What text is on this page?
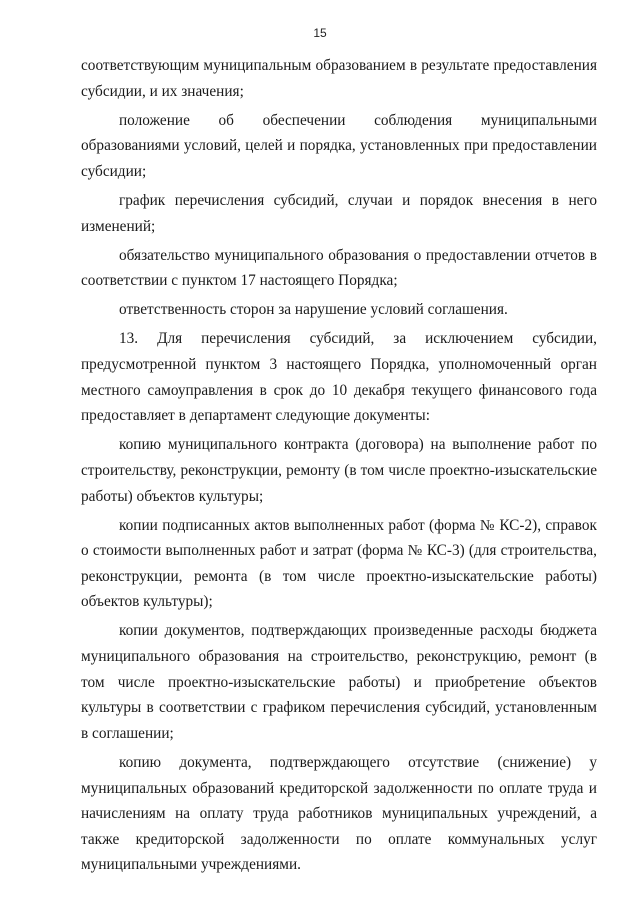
15

соответствующим муниципальным образованием в результате предоставления субсидии, и их значения;

положение об обеспечении соблюдения муниципальными образованиями условий, целей и порядка, установленных при предоставлении субсидии;

график перечисления субсидий, случаи и порядок внесения в него изменений;

обязательство муниципального образования о предоставлении отчетов в соответствии с пунктом 17 настоящего Порядка;

ответственность сторон за нарушение условий соглашения.

13. Для перечисления субсидий, за исключением субсидии, предусмотренной пунктом 3 настоящего Порядка, уполномоченный орган местного самоуправления в срок до 10 декабря текущего финансового года предоставляет в департамент следующие документы:

копию муниципального контракта (договора) на выполнение работ по строительству, реконструкции, ремонту (в том числе проектно-изыскательские работы) объектов культуры;

копии подписанных актов выполненных работ (форма № КС-2), справок о стоимости выполненных работ и затрат (форма № КС-3) (для строительства, реконструкции, ремонта (в том числе проектно-изыскательские работы) объектов культуры);

копии документов, подтверждающих произведенные расходы бюджета муниципального образования на строительство, реконструкцию, ремонт (в том числе проектно-изыскательские работы) и приобретение объектов культуры в соответствии с графиком перечисления субсидий, установленным в соглашении;

копию документа, подтверждающего отсутствие (снижение) у муниципальных образований кредиторской задолженности по оплате труда и начислениям на оплату труда работников муниципальных учреждений, а также кредиторской задолженности по оплате коммунальных услуг муниципальными учреждениями.
